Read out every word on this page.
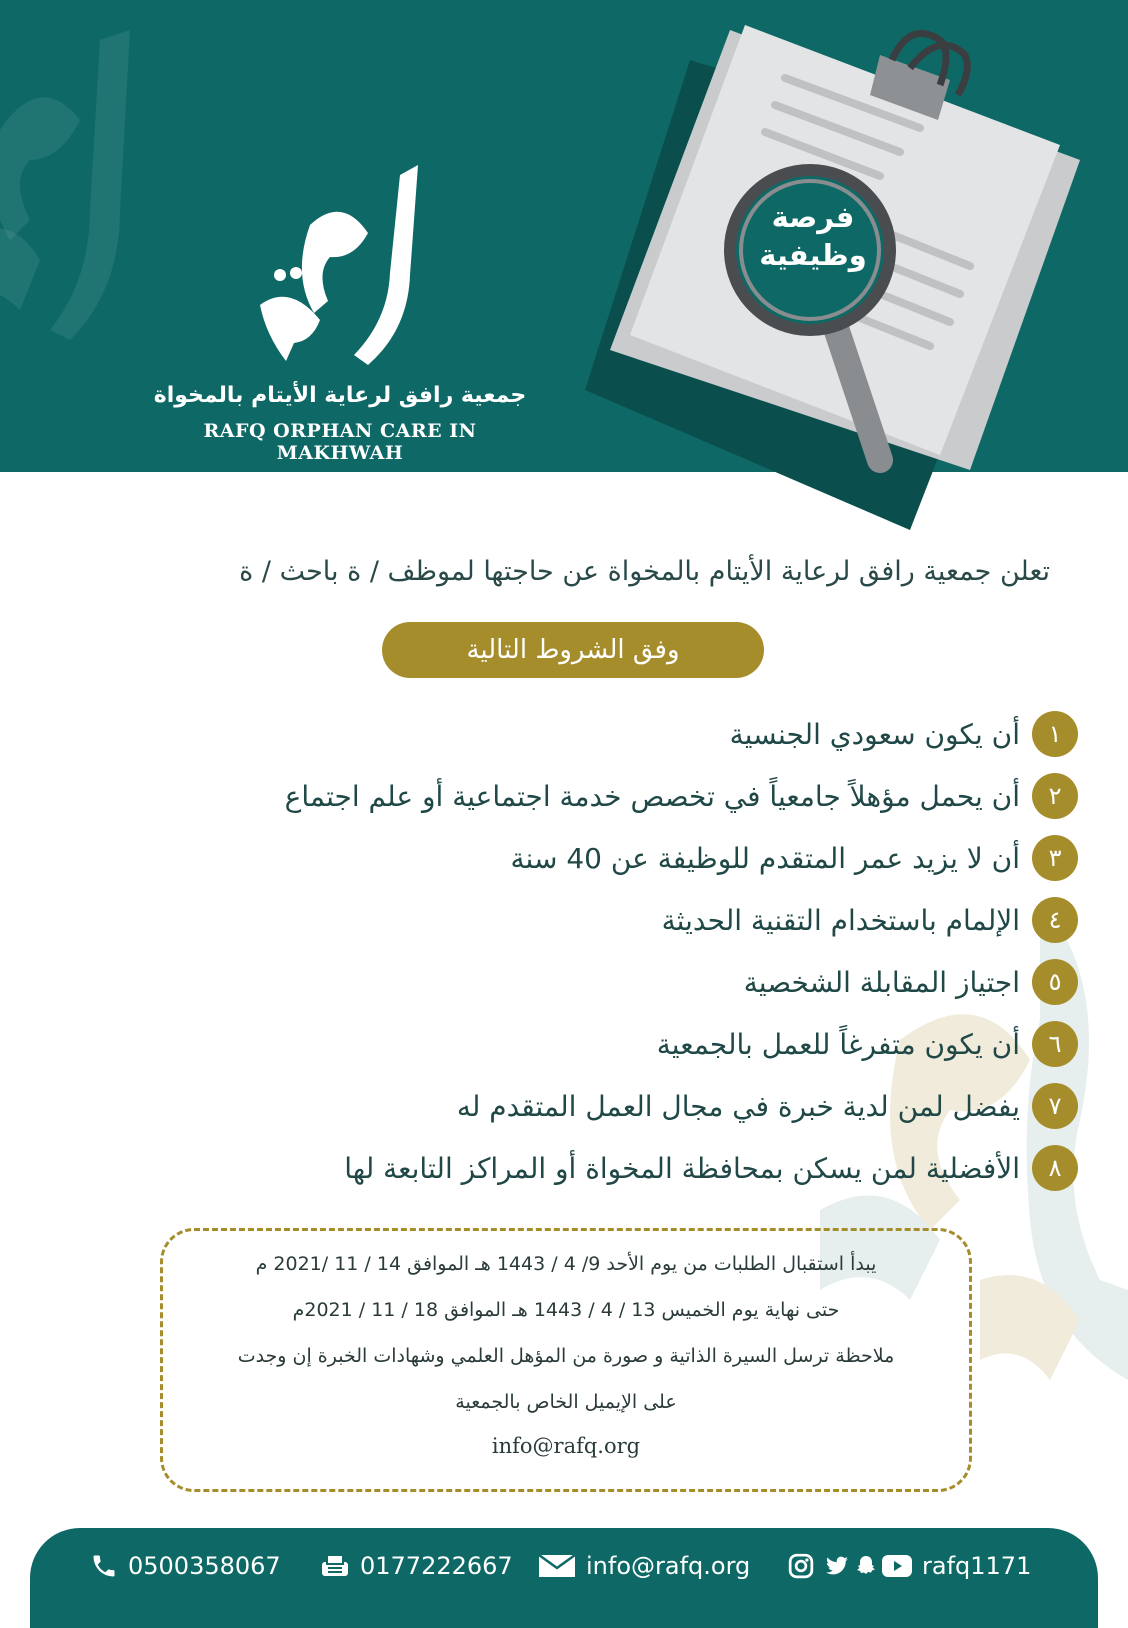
جمعية رافق لرعاية الأيتام بالمخواة
RAFQ ORPHAN CARE IN MAKHWAH
فرصة
وظيفية
تعلن جمعية رافق لرعاية الأيتام بالمخواة عن حاجتها لموظف / ة باحث / ة
وفق الشروط التالية
١
أن يكون سعودي الجنسية
٢
أن يحمل مؤهلاً جامعياً في تخصص خدمة اجتماعية أو علم اجتماع
٣
أن لا يزيد عمر المتقدم للوظيفة عن 40 سنة
٤
الإلمام باستخدام التقنية الحديثة
٥
اجتياز المقابلة الشخصية
٦
أن يكون متفرغاً للعمل بالجمعية
٧
يفضل لمن لدية خبرة في مجال العمل المتقدم له
٨
الأفضلية لمن يسكن بمحافظة المخواة أو المراكز التابعة لها
يبدأ استقبال الطلبات من يوم الأحد 9/ 4 / 1443 هـ الموافق 14 / 11 /2021 م
حتى نهاية يوم الخميس 13 / 4 / 1443 هـ الموافق 18 / 11 / 2021م
ملاحظة ترسل السيرة الذاتية و صورة من المؤهل العلمي وشهادات الخبرة إن وجدت
على الإيميل الخاص بالجمعية
info@rafq.org
0500358067	0177222667	info@rafq.org	rafq1171
